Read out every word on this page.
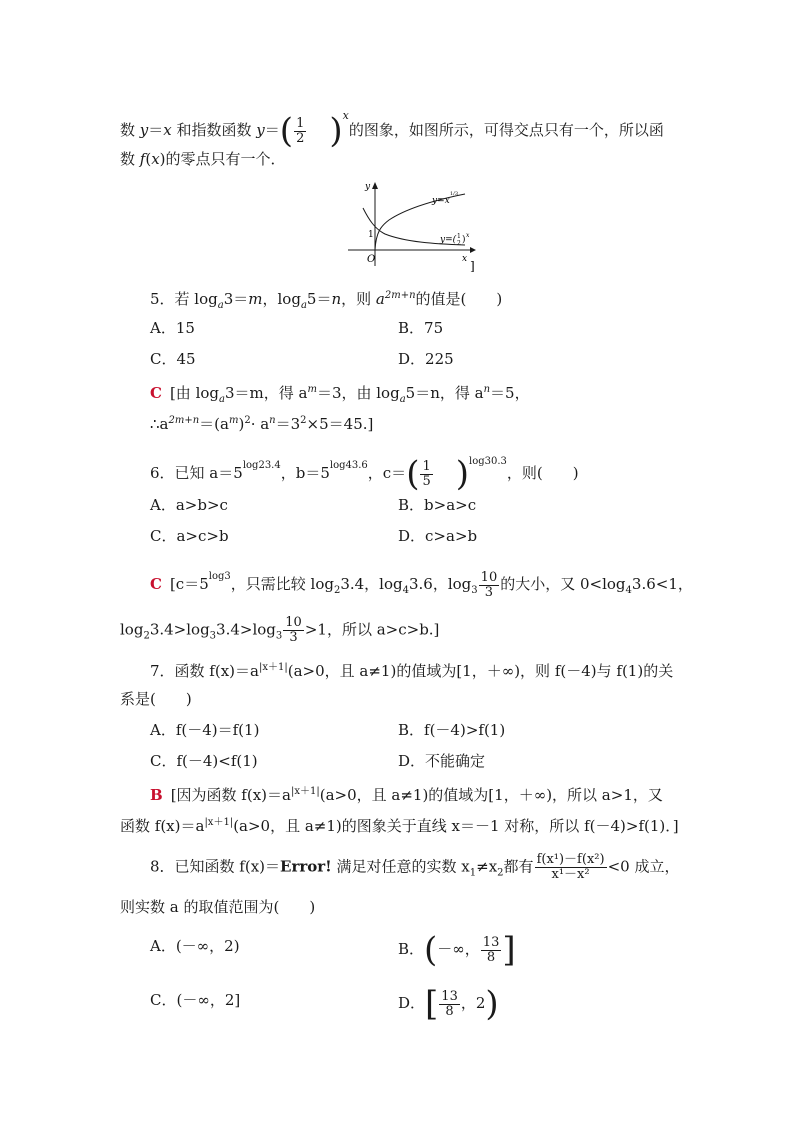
数 y＝x 和指数函数 $y=( \frac{1}{2} )^x$的图象，如图所示，可得交点只有一个，所以函
数 f(x)的零点只有一个．
y
x
O
1
y=x
1/3
y=( 1
2 ) x
]
5．若 $\log_a3=m$，$\log_a5=n$，则 $a^{2m+n}$的值是(　　)
A．15	B．75
C．45	D．225
C [由 $\log_a3=m$，得 $a^m=3$，由 $\log_a5=n$，得 $a^n=5$，
$\therefore a^{2m+n}=(a^m)^2\cdot a^n=3^2\times 5=45$.]
6．已知 $a=5^{log23.4}$，$b=5^{log43.6}$，$c=( \frac{1}{5} )^{log30.3}$，则(　　)
A．a>b>c	B．b>a>c
C．a>c>b	D．c>a>b
C [$c=5^{log3}$，只需比较 $\log_23.4$，$\log_43.6$，$\log_3 \frac{10}{3}$ 的大小，又 $0<\log_43.6<1$，
$\log_23.4>\log_33.4>\log_3 \frac{10}{3} >1$，所以 a>c>b.]
7．函数 $f(x)=a^{|x+1|}(a>0$，且 a≠1)的值域为[1，＋∞)，则 f(－4)与 f(1)的关
系是(　　)
A．f(－4)＝f(1)	B．f(－4)>f(1)
C．f(－4)<f(1)	D．不能确定
B [因为函数 $f(x)=a^{|x+1|}(a>0$，且 a≠1)的值域为[1，＋∞)，所以 a>1，又
函数 $f(x)=a^{|x+1|}(a>0$，且 a≠1)的图象关于直线 x＝－1 对称，所以 f(－4)>f(1)．]
8．已知函数 f(x)＝Error! 满足对任意的实数 $x_1\ne x_2$都有 $\frac{\text{f(x¹)－f(x²)}}{\text{x¹－x²}} <0$ 成立，
则实数 a 的取值范围为(　　)
A．(－∞，2)	B．(－∞， $\frac{13}{8}$ ]
C．(－∞，2]	D．[ $\frac{13}{8}$ ，2)
